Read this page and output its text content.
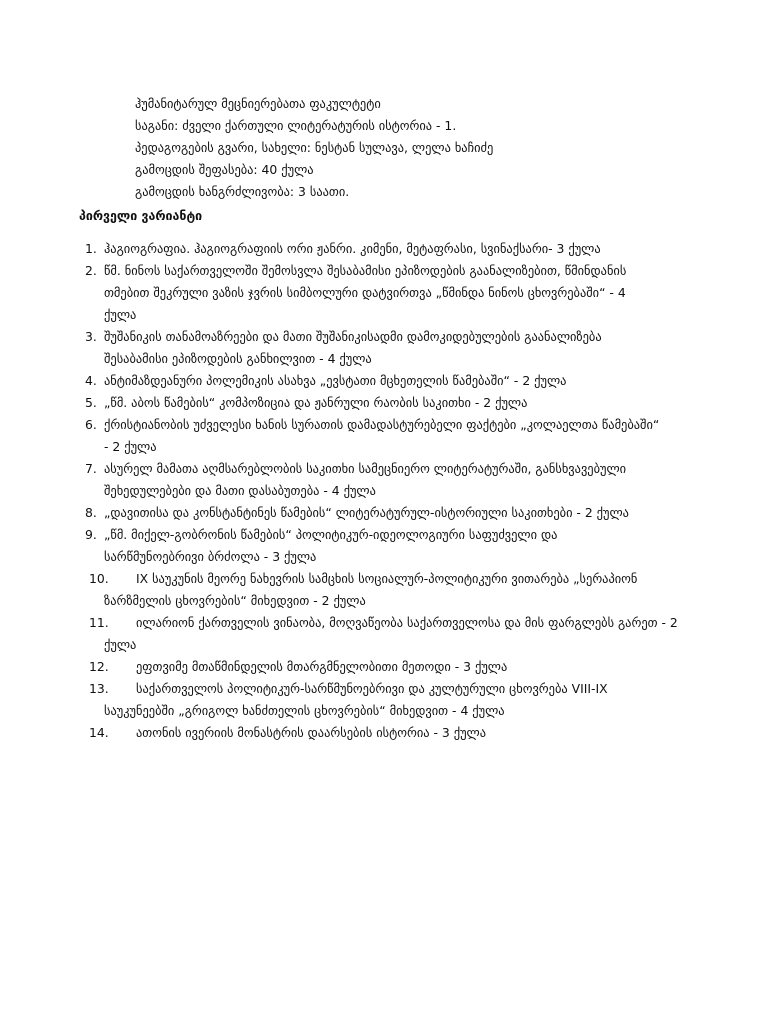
ჰუმანიტარულ მეცნიერებათა ფაკულტეტი
საგანი: ძველი ქართული ლიტერატურის ისტორია - 1.
პედაგოგების გვარი, სახელი: ნესტან სულავა, ლელა ხაჩიძე
გამოცდის შეფასება: 40 ქულა
გამოცდის ხანგრძლივობა: 3 საათი.
პირველი ვარიანტი
1. ჰაგიოგრაფია. ჰაგიოგრაფიის ორი ჟანრი. კიმენი, მეტაფრასი, სვინაქსარი- 3 ქულა
2. წმ. ნინოს საქართველოში შემოსვლა შესაბამისი ეპიზოდების გაანალიზებით, წმინდანის
თმებით შეკრული ვაზის ჯვრის სიმბოლური დატვირთვა „წმინდა ნინოს ცხოვრებაში“ - 4
ქულა
3. შუშანიკის თანამოაზრეები და მათი შუშანიკისადმი დამოკიდებულების გაანალიზება
შესაბამისი ეპიზოდების განხილვით - 4 ქულა
4. ანტიმაზდეანური პოლემიკის ასახვა „ევსტათი მცხეთელის წამებაში“ - 2 ქულა
5. „წმ. აბოს წამების“ კომპოზიცია და ჟანრული რაობის საკითხი - 2 ქულა
6. ქრისტიანობის უძველესი ხანის სურათის დამადასტურებელი ფაქტები „კოლაელთა წამებაში“
- 2 ქულა
7. ასურელ მამათა აღმსარებლობის საკითხი სამეცნიერო ლიტერატურაში, განსხვავებული
შეხედულებები და მათი დასაბუთება - 4 ქულა
8. „დავითისა და კონსტანტინეს წამების“ ლიტერატურულ-ისტორიული საკითხები - 2 ქულა
9. „წმ. მიქელ-გობრონის წამების“ პოლიტიკურ-იდეოლოგიური საფუძველი და
სარწმუნოებრივი ბრძოლა - 3 ქულა
10. IX საუკუნის მეორე ნახევრის სამცხის სოციალურ-პოლიტიკური ვითარება „სერაპიონ
ზარზმელის ცხოვრების“ მიხედვით - 2 ქულა
11. ილარიონ ქართველის ვინაობა, მოღვაწეობა საქართველოსა და მის ფარგლებს გარეთ - 2
ქულა
12. ეფთვიმე მთაწმინდელის მთარგმნელობითი მეთოდი - 3 ქულა
13. საქართველოს პოლიტიკურ-სარწმუნოებრივი და კულტურული ცხოვრება VIII-IX
საუკუნეებში „გრიგოლ ხანძთელის ცხოვრების“ მიხედვით - 4 ქულა
14. ათონის ივერიის მონასტრის დაარსების ისტორია - 3 ქულა
